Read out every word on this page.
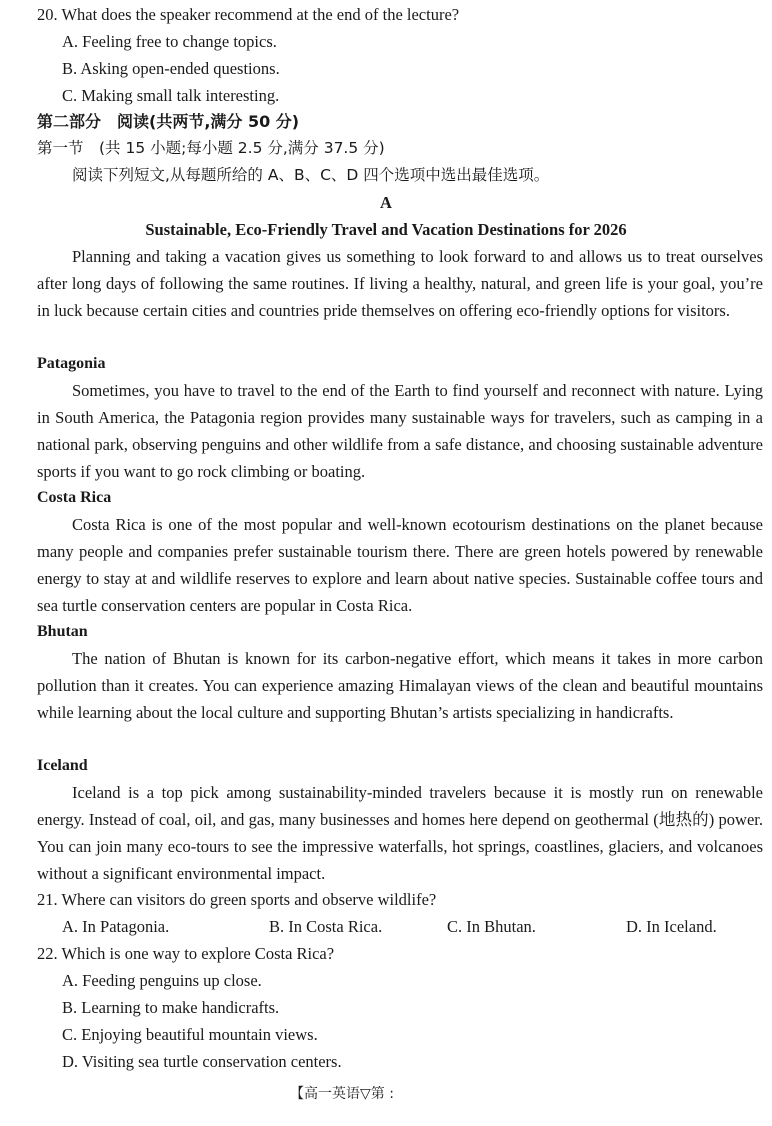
20. What does the speaker recommend at the end of the lecture?
A. Feeling free to change topics.
B. Asking open-ended questions.
C. Making small talk interesting.
第二部分　阅读(共两节,满分 50 分)
第一节　(共 15 小题;每小题 2.5 分,满分 37.5 分)
阅读下列短文,从每题所给的 A、B、C、D 四个选项中选出最佳选项。
A
Sustainable, Eco-Friendly Travel and Vacation Destinations for 2026
Planning and taking a vacation gives us something to look forward to and allows us to treat ourselves after long days of following the same routines. If living a healthy, natural, and green life is your goal, you’re in luck because certain cities and countries pride themselves on offering eco-friendly options for visitors.
Patagonia
Sometimes, you have to travel to the end of the Earth to find yourself and reconnect with nature. Lying in South America, the Patagonia region provides many sustainable ways for travelers, such as camping in a national park, observing penguins and other wildlife from a safe distance, and choosing sustainable adventure sports if you want to go rock climbing or boating.
Costa Rica
Costa Rica is one of the most popular and well-known ecotourism destinations on the planet because many people and companies prefer sustainable tourism there. There are green hotels powered by renewable energy to stay at and wildlife reserves to explore and learn about native species. Sustainable coffee tours and sea turtle conservation centers are popular in Costa Rica.
Bhutan
The nation of Bhutan is known for its carbon-negative effort, which means it takes in more carbon pollution than it creates. You can experience amazing Himalayan views of the clean and beautiful mountains while learning about the local culture and supporting Bhutan’s artists specializing in handicrafts.
Iceland
Iceland is a top pick among sustainability-minded travelers because it is mostly run on renewable energy. Instead of coal, oil, and gas, many businesses and homes here depend on geothermal (地热的) power. You can join many eco-tours to see the impressive waterfalls, hot springs, coastlines, glaciers, and volcanoes without a significant environmental impact.
21. Where can visitors do green sports and observe wildlife?
A. In Patagonia.	B. In Costa Rica.	C. In Bhutan.	D. In Iceland.
22. Which is one way to explore Costa Rica?
A. Feeding penguins up close.
B. Learning to make handicrafts.
C. Enjoying beautiful mountain views.
D. Visiting sea turtle conservation centers.
【高一英语▽第 :
